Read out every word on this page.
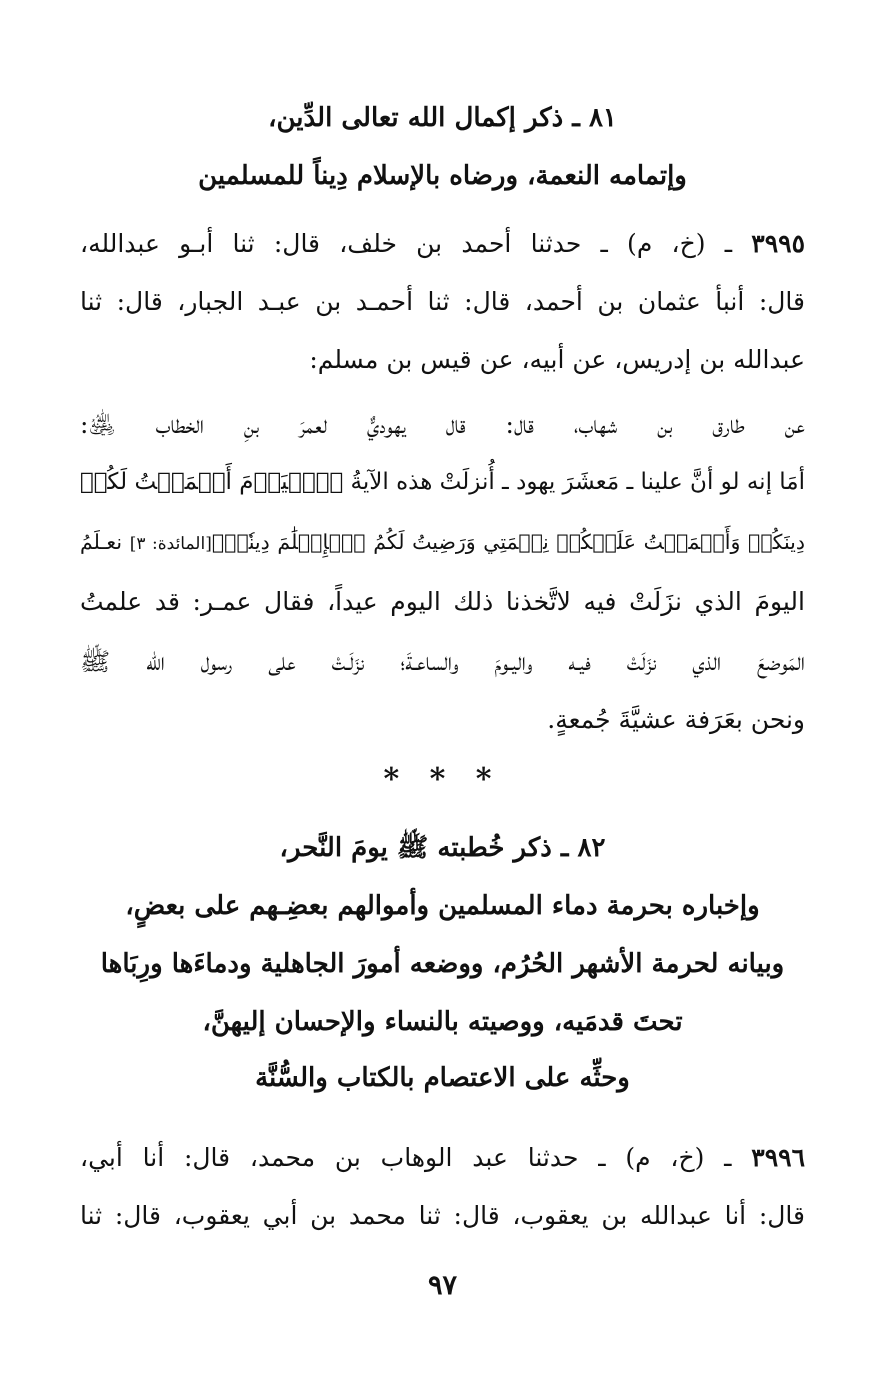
٨١ ـ ذكر إكمال الله تعالى الدِّين،
وإتمامه النعمة، ورضاه بالإسلام دِيناً للمسلمين
٣٩٩٥ ـ (خ، م) ـ حدثنا أحمد بن خلف، قال: ثنا أبـو عبدالله،
قال: أنبأ عثمان بن أحمد، قال: ثنا أحمـد بن عبـد الجبار، قال: ثنا
عبدالله بن إدريس، عن أبيه، عن قيس بن مسلم:
عن طارق بن شهاب، قال: قال يهوديٌّ لعمرَ بنِ الخطاب ﵁:
أمَا إنه لو أنَّ علينا ـ مَعشَرَ يهود ـ أُنزلَتْ هذه الآيةُ ﴿ٱلۡيَوۡمَ أَكۡمَلۡتُ لَكُمۡ
دِينَكُمۡ وَأَتۡمَمۡتُ عَلَيۡكُمۡ نِعۡمَتِي وَرَضِيتُ لَكُمُ ٱلۡإِسۡلَٰمَ دِينٗاۚ﴾[المائدة: ٣] نعـلَمُ
اليومَ الذي نزَلَتْ فيه لاتَّخذنا ذلك اليوم عيداً، فقال عمـر: قد علمتُ
المَوضعَ الذي نزَلَتْ فيـه واليـومَ والساعـةَ؛ نزَلَـتْ على رسول الله ﷺ
ونحن بعَرَفة عشيَّةَ جُمعةٍ.
* * *
٨٢ ـ ذكر خُطبته ﷺ يومَ النَّحر،
وإخباره بحرمة دماء المسلمين وأموالهم بعضِـهم على بعضٍ،
وبيانه لحرمة الأشهر الحُرُم، ووضعه أمورَ الجاهلية ودماءَها ورِبَاها
تحتَ قدمَيه، ووصيته بالنساء والإحسان إليهنَّ،
وحثِّه على الاعتصام بالكتاب والسُّنَّة
٣٩٩٦ ـ (خ، م) ـ حدثنا عبد الوهاب بن محمد، قال: أنا أبي،
قال: أنا عبدالله بن يعقوب، قال: ثنا محمد بن أبي يعقوب، قال: ثنا
٩٧
